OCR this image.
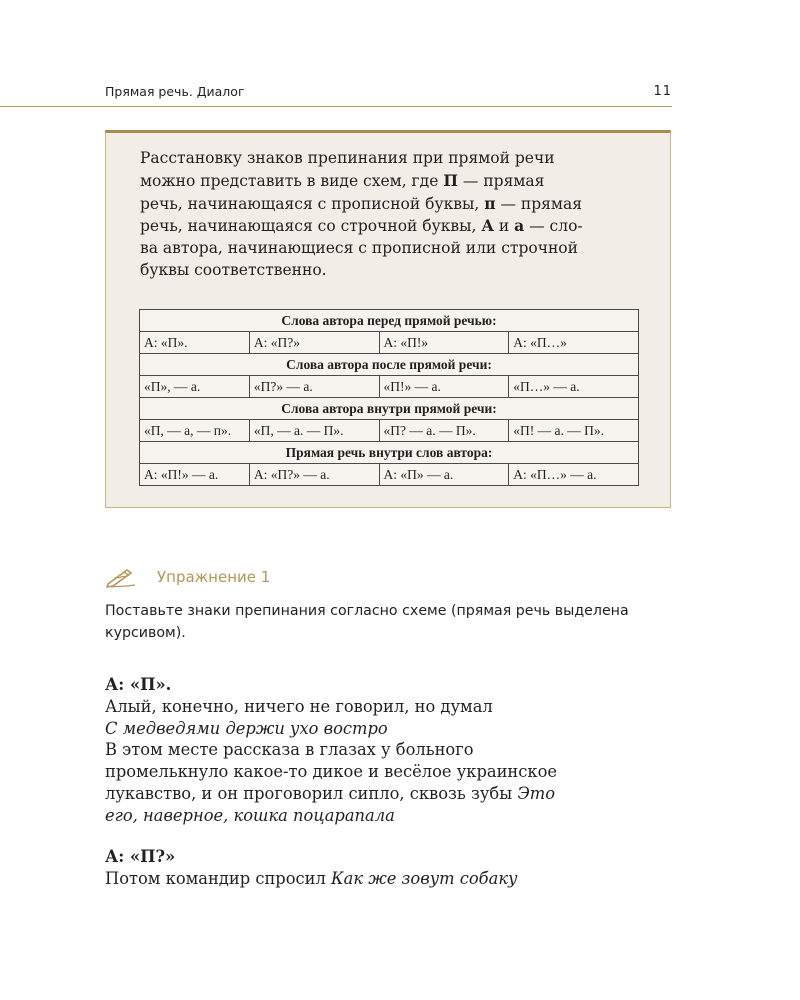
Прямая речь. Диалог	11
Расстановку знаков препинания при прямой речи
можно представить в виде схем, где П — прямая
речь, начинающаяся с прописной буквы, п — прямая
речь, начинающаяся со строчной буквы, А и а — сло-
ва автора, начинающиеся с прописной или строчной
буквы соответственно.
Слова автора перед прямой речью:			
А: «П».	А: «П?»	А: «П!»	А: «П…»
Слова автора после прямой речи:			
«П», — а.	«П?» — а.	«П!» — а.	«П…» — а.
Слова автора внутри прямой речи:			
«П, — а, — п».	«П, — а. — П».	«П? — а. — П».	«П! — а. — П».
Прямая речь внутри слов автора:			
А: «П!» — а.	А: «П?» — а.	А: «П» — а.	А: «П…» — а.
Упражнение 1
Поставьте знаки препинания согласно схеме (прямая речь выделена
курсивом).

А: «П».

Алый, конечно, ничего не говорил, но думал

С медведями держи ухо востро

В этом месте рассказа в глазах у больного

промелькнуло какое-то дикое и весёлое украинское

лукавство, и он проговорил сипло, сквозь зубы Это

его, наверное, кошка поцарапала

А: «П?»

Потом командир спросил Как же зовут собаку
